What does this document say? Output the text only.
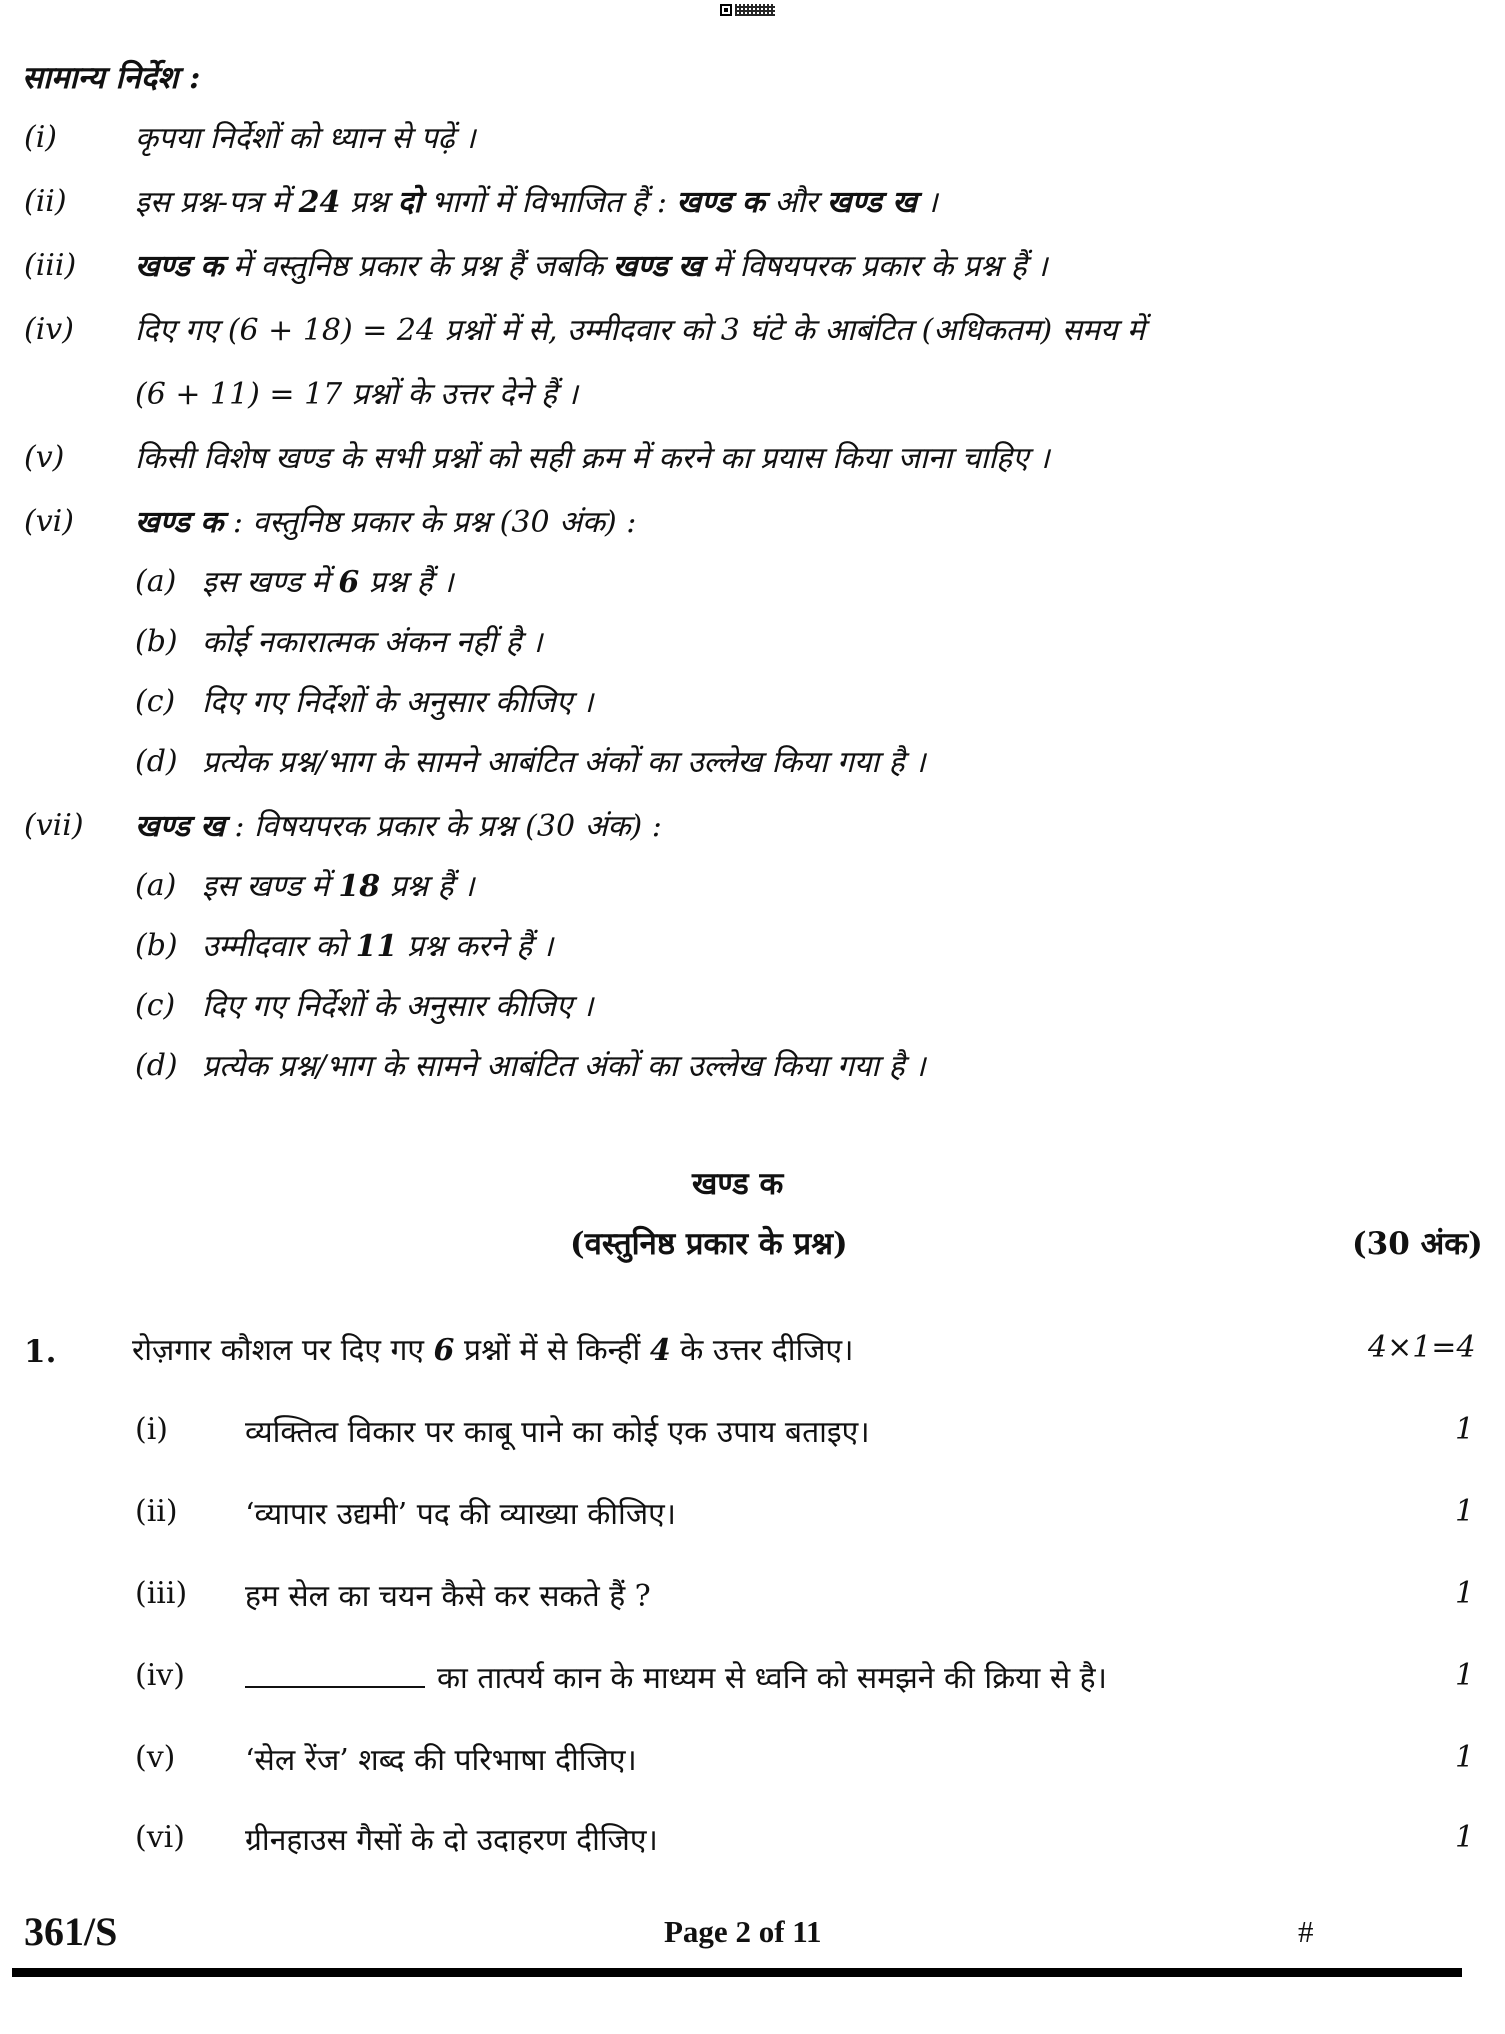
सामान्य निर्देश :
(i)	कृपया निर्देशों को ध्यान से पढ़ें ।
(ii) इस प्रश्न-पत्र में 24 प्रश्न दो भागों में विभाजित हैं : खण्ड क और खण्ड ख ।
(iii) खण्ड क में वस्तुनिष्ठ प्रकार के प्रश्न हैं जबकि खण्ड ख में विषयपरक प्रकार के प्रश्न हैं ।
(iv) दिए गए (6 + 18) = 24 प्रश्नों में से, उम्मीदवार को 3 घंटे के आबंटित (अधिकतम) समय में
(6 + 11) = 17 प्रश्नों के उत्तर देने हैं ।
(v) किसी विशेष खण्ड के सभी प्रश्नों को सही क्रम में करने का प्रयास किया जाना चाहिए ।
(vi) खण्ड क : वस्तुनिष्ठ प्रकार के प्रश्न (30 अंक) :
(a) इस खण्ड में 6 प्रश्न हैं ।
(b) कोई नकारात्मक अंकन नहीं है ।
(c) दिए गए निर्देशों के अनुसार कीजिए ।
(d) प्रत्येक प्रश्न/भाग के सामने आबंटित अंकों का उल्लेख किया गया है ।
(vii) खण्ड ख : विषयपरक प्रकार के प्रश्न (30 अंक) :
(a) इस खण्ड में 18 प्रश्न हैं ।
(b) उम्मीदवार को 11 प्रश्न करने हैं ।
(c) दिए गए निर्देशों के अनुसार कीजिए ।
(d) प्रत्येक प्रश्न/भाग के सामने आबंटित अंकों का उल्लेख किया गया है ।
खण्ड क
(वस्तुनिष्ठ प्रकार के प्रश्न)	(30 अंक)
1.	रोज़गार कौशल पर दिए गए 6 प्रश्नों में से किन्हीं 4 के उत्तर दीजिए।	4×1=4
(i)	व्यक्तित्व विकार पर काबू पाने का कोई एक उपाय बताइए।	1
(ii) ‘व्यापार उद्यमी’ पद की व्याख्या कीजिए।	1
(iii) हम सेल का चयन कैसे कर सकते हैं ?	1
(iv)	का तात्पर्य कान के माध्यम से ध्वनि को समझने की क्रिया से है।	1
(v) ‘सेल रेंज’ शब्द की परिभाषा दीजिए।	1
(vi) ग्रीनहाउस गैसों के दो उदाहरण दीजिए।	1
361/S	Page 2 of 11	#
